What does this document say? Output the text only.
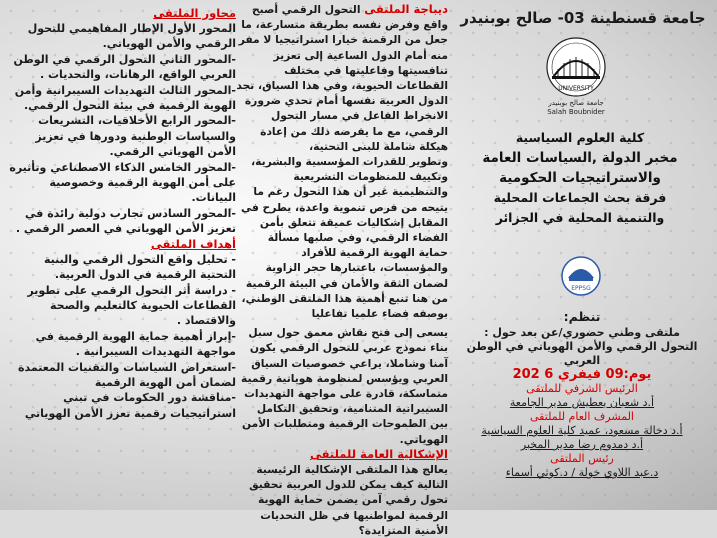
جامعة قسنطينة 03- صالح بوبنيدر

UNIVERSITY
جامعة صالح بوبنيدر
Salah Boubnider
كلية العلوم السياسية
مخبر الدولة ,السياسات العامة
والاستراتيجيات الحكومية
فرقة بحث الجماعات المحلية
والتنمية المحلية في الجزائر
EPPSG
تنظم:
ملتقى وطني حضوري/عن بعد حول :
التحول الرقمي والأمن الهوياتي في الوطن العربي
يوم:09 فيفري 6 202
الرئيس الشرفي للملتقى
أ.د شعبان بعطيش مدير الجامعة
المشرف العام للملتقى
أ.د دخالة مسعود، عميد كلية العلوم السياسية
أ.د دمدوم رضا مدير المخبر
رئيس الملتقى
د.عبد اللاوي خولة / د.كوثي أسماء

ديباجة الملتقى التحول الرقمي أصبح واقع وفرض نفسه بطريقة متسارعة، ما جعل من الرقمنة خيارا استراتيجيا لا مفر منه أمام الدول الساعية إلى تعزيز تنافسيتها وفاعليتها في مختلف القطاعات الحيوية، وفي هذا السياق، تجد

الدول العربية نفسها أمام تحدي ضرورة الانخراط الفاعل في مسار التحول الرقمي، مع ما يفرضه ذلك من إعادة هيكلة شاملة للبنى التحتية،

وتطوير للقدرات المؤسسية والبشرية، وتكييف للمنظومات التشريعية والتنظيمية غير أن هذا التحول رغم ما يتيحه من فرص تنموية واعدة، يطرح في المقابل إشكاليات عميقة تتعلق بأمن الفضاء الرقمي، وفي صلبها مسألة حماية الهوية الرقمية للأفراد والمؤسسات، باعتبارها حجر الزاوية

لضمان الثقة والأمان في البيئة الرقمية من هنا تنبع أهمية هذا الملتقى الوطني، بوصفه فضاء علميا تفاعليا

يسعى إلى فتح نقاش معمق حول سبل بناء نموذج عربي للتحول الرقمي يكون آمنا وشاملا، يراعي خصوصيات السياق العربي ويؤسس لمنظومة هوياتية رقمية متماسكة، قادرة على مواجهة التهديدات السيبرانية المتنامية، وتحقيق التكامل بين الطموحات الرقمية ومتطلبات الأمن الهوياتي.

الإشكالية العامة للملتقى

يعالج هذا الملتقى الإشكالية الرئيسية التالية كيف يمكن للدول العربية تحقيق تحول رقمي آمن يضمن حماية الهوية الرقمية لمواطنيها في ظل التحديات الأمنية المتزايدة؟

محاور الملتقى

المحور الأول الإطار المفاهيمي للتحول الرقمي والأمن الهوياتي.

-المحور الثاني التحول الرقمي في الوطن العربي الواقع، الرهانات، والتحديات .

-المحور الثالث التهديدات السيبرانية وأمن الهوية الرقمية في بيئة التحول الرقمي.

-المحور الرابع الأخلاقيات، التشريعات والسياسات الوطنية ودورها في تعزيز الأمن الهوياتي الرقمي.

-المحور الخامس الذكاء الاصطناعي وتأثيره على أمن الهوية الرقمية وخصوصية البيانات.

-المحور السادس تجارب دولية رائدة في تعزيز الأمن الهوياتي في العصر الرقمي .

أهداف الملتقى

- تحليل واقع التحول الرقمي والبنية التحتية الرقمية في الدول العربية.

- دراسة أثر التحول الرقمي على تطوير القطاعات الحيوية كالتعليم والصحة والاقتصاد .

-إبراز أهمية حماية الهوية الرقمية في مواجهة التهديدات السيبرانية .

-استعراض السياسات والتقنيات المعتمدة لضمان أمن الهوية الرقمية

-مناقشة دور الحكومات في تبني استراتيجيات رقمية تعزز الأمن الهوياتي
